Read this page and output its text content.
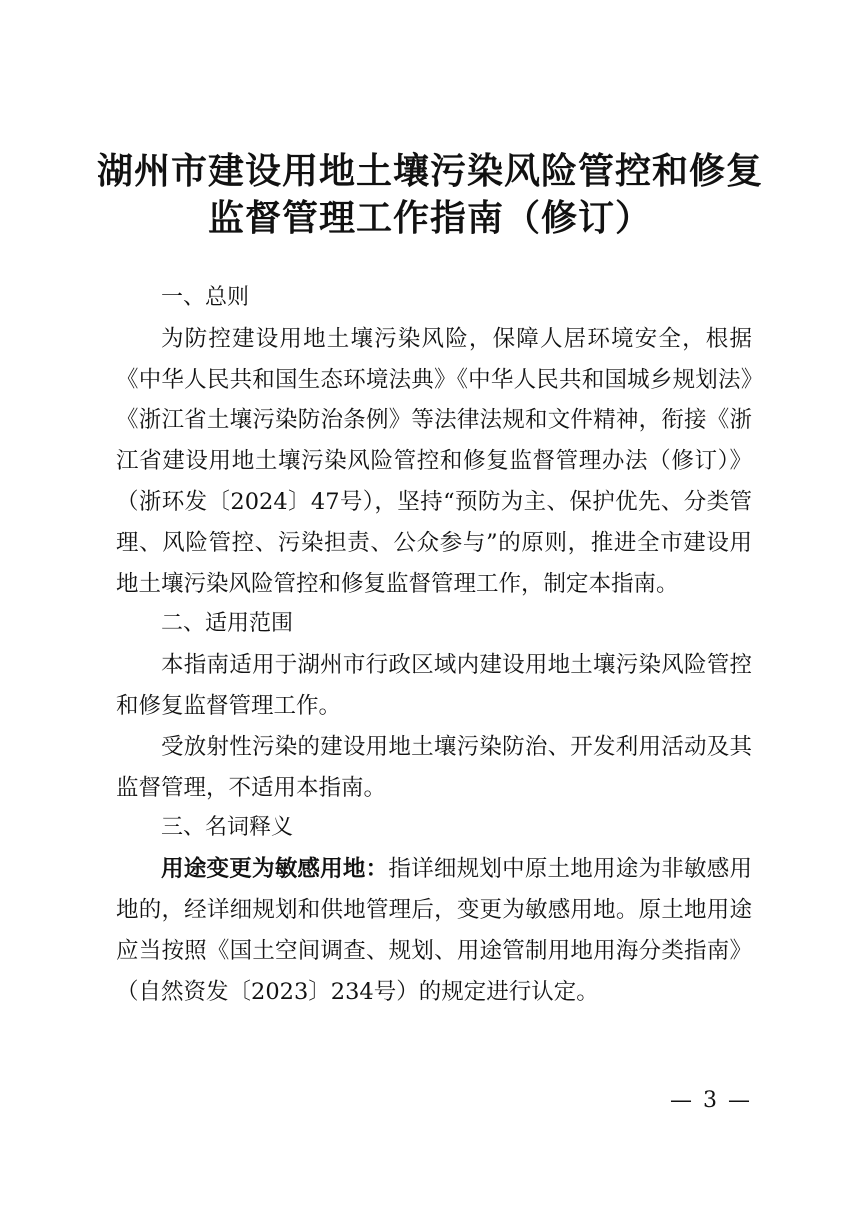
湖州市建设用地土壤污染风险管控和修复
监督管理工作指南（修订）

一、总则

为防控建设用地土壤污染风险，保障人居环境安全，根据《中华人民共和国生态环境法典》《中华人民共和国城乡规划法》《浙江省土壤污染防治条例》等法律法规和文件精神，衔接《浙江省建设用地土壤污染风险管控和修复监督管理办法（修订）》（浙环发〔2024〕47号），坚持“预防为主、保护优先、分类管理、风险管控、污染担责、公众参与”的原则，推进全市建设用地土壤污染风险管控和修复监督管理工作，制定本指南。

二、适用范围

本指南适用于湖州市行政区域内建设用地土壤污染风险管控和修复监督管理工作。

受放射性污染的建设用地土壤污染防治、开发利用活动及其监督管理，不适用本指南。

三、名词释义

用途变更为敏感用地：指详细规划中原土地用途为非敏感用地的，经详细规划和供地管理后，变更为敏感用地。原土地用途应当按照《国土空间调查、规划、用途管制用地用海分类指南》（自然资发〔2023〕234号）的规定进行认定。

— 3 —
